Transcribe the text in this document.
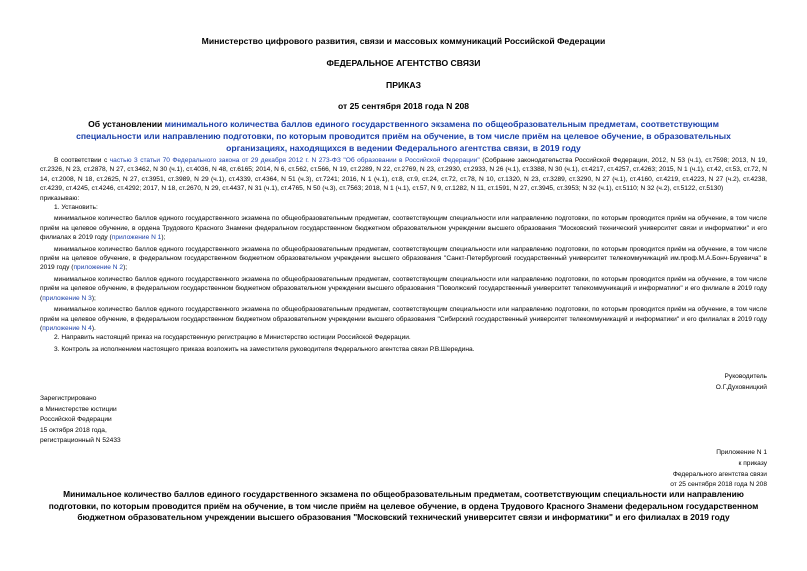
Министерство цифрового развития, связи и массовых коммуникаций Российской Федерации
ФЕДЕРАЛЬНОЕ АГЕНТСТВО СВЯЗИ
ПРИКАЗ
от 25 сентября 2018 года N 208
Об установлении минимального количества баллов единого государственного экзамена по общеобразовательным предметам, соответствующим специальности или направлению подготовки, по которым проводится приём на обучение, в том числе приём на целевое обучение, в образовательных организациях, находящихся в ведении Федерального агентства связи, в 2019 году

В соответствии с частью 3 статьи 70 Федерального закона от 29 декабря 2012 г. N 273-ФЗ "Об образовании в Российской Федерации" (Собрание законодательства Российской Федерации, 2012, N 53 (ч.1), ст.7598; 2013, N 19, ст.2326, N 23, ст.2878, N 27, ст.3462, N 30 (ч.1), ст.4036, N 48, ст.6165; 2014, N 6, ст.562, ст.566, N 19, ст.2289, N 22, ст.2769, N 23, ст.2930, ст.2933, N 26 (ч.1), ст.3388, N 30 (ч.1), ст.4217, ст.4257, ст.4263; 2015, N 1 (ч.1), ст.42, ст.53, ст.72, N 14, ст.2008, N 18, ст.2625, N 27, ст.3951, ст.3989, N 29 (ч.1), ст.4339, ст.4364, N 51 (ч.3), ст.7241; 2016, N 1 (ч.1), ст.8, ст.9, ст.24, ст.72, ст.78, N 10, ст.1320, N 23, ст.3289, ст.3290, N 27 (ч.1), ст.4160, ст.4219, ст.4223, N 27 (ч.2), ст.4238, ст.4239, ст.4245, ст.4246, ст.4292; 2017, N 18, ст.2670, N 29, ст.4437, N 31 (ч.1), ст.4765, N 50 (ч.3), ст.7563; 2018, N 1 (ч.1), ст.57, N 9, ст.1282, N 11, ст.1591, N 27, ст.3945, ст.3953; N 32 (ч.1), ст.5110; N 32 (ч.2), ст.5122, ст.5130)

приказываю:

1. Установить:

минимальное количество баллов единого государственного экзамена по общеобразовательным предметам, соответствующим специальности или направлению подготовки, по которым проводится приём на обучение, в том числе приём на целевое обучение, в ордена Трудового Красного Знамени федеральном государственном бюджетном образовательном учреждении высшего образования "Московский технический университет связи и информатики" и его филиалах в 2019 году (приложение N 1);

минимальное количество баллов единого государственного экзамена по общеобразовательным предметам, соответствующим специальности или направлению подготовки, по которым проводится приём на обучение, в том числе приём на целевое обучение, в федеральном государственном бюджетном образовательном учреждении высшего образования "Санкт-Петербургский государственный университет телекоммуникаций им.проф.М.А.Бонч-Бруевича" в 2019 году (приложение N 2);

минимальное количество баллов единого государственного экзамена по общеобразовательным предметам, соответствующим специальности или направлению подготовки, по которым проводится приём на обучение, в том числе приём на целевое обучение, в федеральном государственном бюджетном образовательном учреждении высшего образования "Поволжский государственный университет телекоммуникаций и информатики" и его филиале в 2019 году (приложение N 3);

минимальное количество баллов единого государственного экзамена по общеобразовательным предметам, соответствующим специальности или направлению подготовки, по которым проводится приём на обучение, в том числе приём на целевое обучение, в федеральном государственном бюджетном образовательном учреждении высшего образования "Сибирский государственный университет телекоммуникаций и информатики" и его филиалах в 2019 году (приложение N 4).

2. Направить настоящий приказ на государственную регистрацию в Министерство юстиции Российской Федерации.

3. Контроль за исполнением настоящего приказа возложить на заместителя руководителя Федерального агентства связи Р.В.Шередина.

Руководитель
О.Г.Духовницкий
Зарегистрировано
в Министерстве юстиции
Российской Федерации
15 октября 2018 года,
регистрационный N 52433
Приложение N 1
к приказу
Федерального агентства связи
от 25 сентября 2018 года N 208
Минимальное количество баллов единого государственного экзамена по общеобразовательным предметам, соответствующим специальности или направлению подготовки, по которым проводится приём на обучение, в том числе приём на целевое обучение, в ордена Трудового Красного Знамени федеральном государственном бюджетном образовательном учреждении высшего образования "Московский технический университет связи и информатики" и его филиалах в 2019 году
